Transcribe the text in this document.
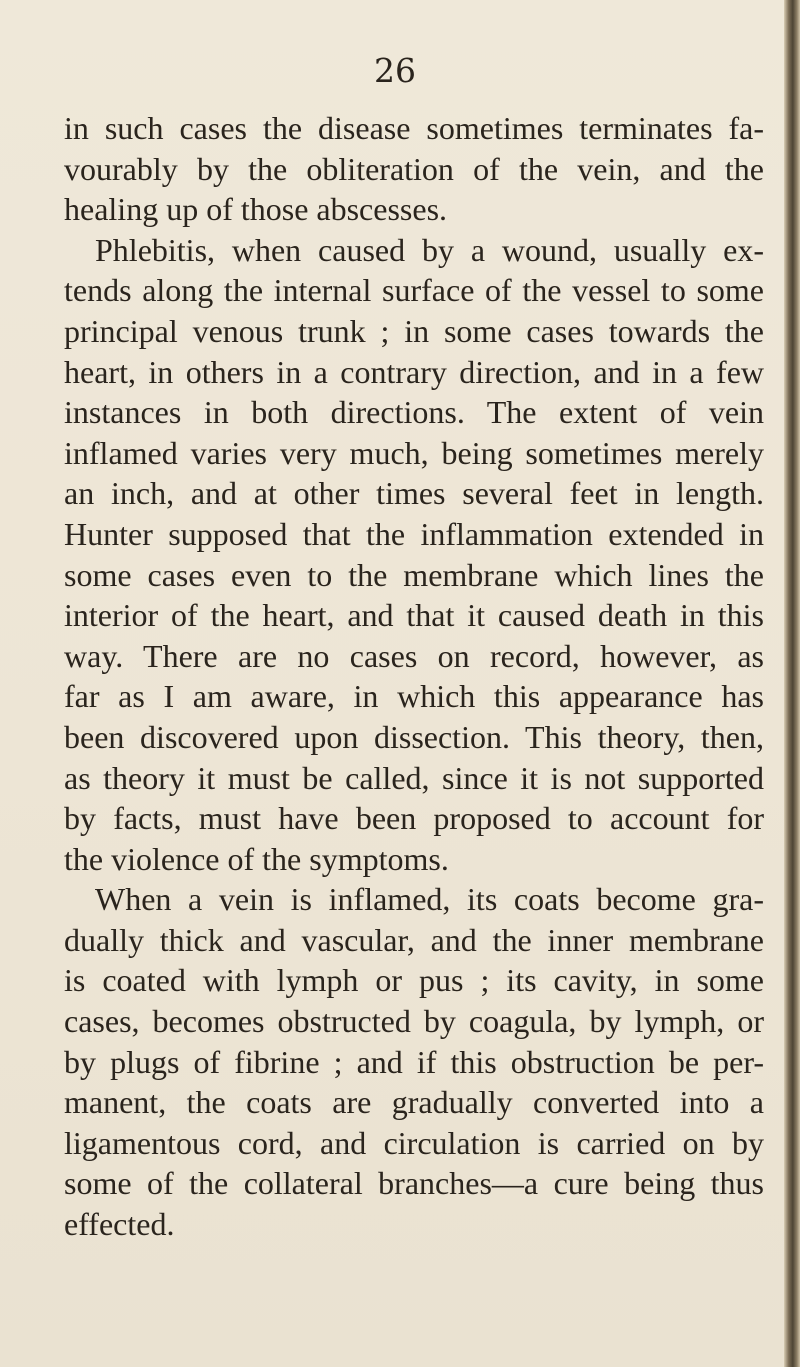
26

in such cases the disease sometimes terminates fa-
vourably by the obliteration of the vein, and the
healing up of those abscesses.
Phlebitis, when caused by a wound, usually ex-
tends along the internal surface of the vessel to some
principal venous trunk ; in some cases towards the
heart, in others in a contrary direction, and in a few
instances in both directions. The extent of vein
inflamed varies very much, being sometimes merely
an inch, and at other times several feet in length.
Hunter supposed that the inflammation extended in
some cases even to the membrane which lines the
interior of the heart, and that it caused death in this
way. There are no cases on record, however, as
far as I am aware, in which this appearance has
been discovered upon dissection. This theory, then,
as theory it must be called, since it is not supported
by facts, must have been proposed to account for
the violence of the symptoms.
When a vein is inflamed, its coats become gra-
dually thick and vascular, and the inner membrane
is coated with lymph or pus ; its cavity, in some
cases, becomes obstructed by coagula, by lymph, or
by plugs of fibrine ; and if this obstruction be per-
manent, the coats are gradually converted into a
ligamentous cord, and circulation is carried on by
some of the collateral branches—a cure being thus
effected.
